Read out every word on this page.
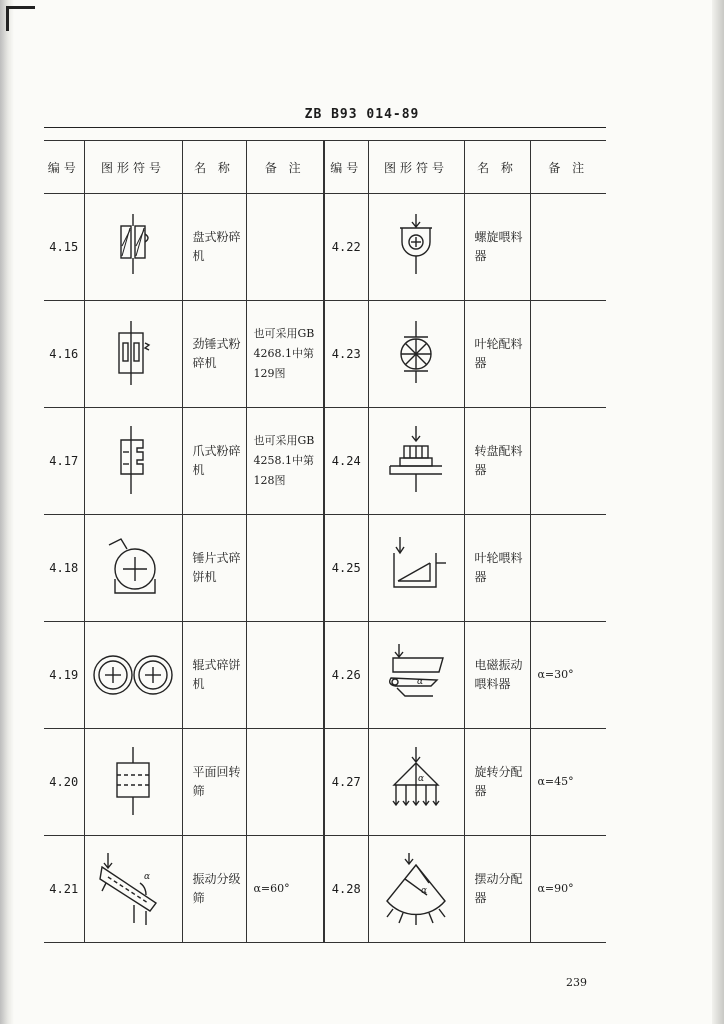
ZB B93 014-89
编号	图形符号	名 称	备 注	编号	图形符号	名 称	备 注
4.15		盘式粉碎机		4.22		螺旋喂料器	
4.16		劲锤式粉碎机	也可采用GB 4268.1中第129图	4.23		叶轮配料器	
4.17		爪式粉碎机	也可采用GB 4258.1中第128图	4.24		转盘配料器	
4.18		锤片式碎饼机		4.25		叶轮喂料器	
4.19		辊式碎饼机		4.26	α	电磁振动喂料器	α=30°
4.20		平面回转筛		4.27	α	旋转分配器	α=45°
4.21	α	振动分级筛	α=60°	4.28	α	摆动分配器	α=90°
239
